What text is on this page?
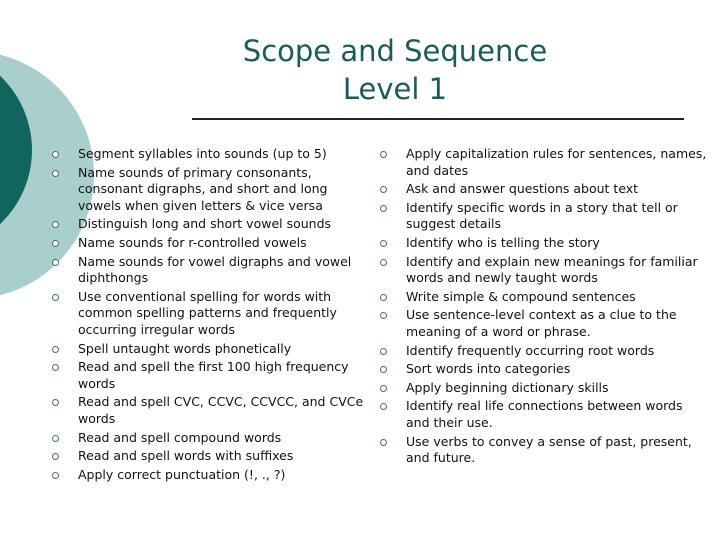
Scope and Sequence
Level 1
Segment syllables into sounds (up to 5)
Name sounds of primary consonants, consonant digraphs, and short and long vowels when given letters & vice versa
Distinguish long and short vowel sounds
Name sounds for r-controlled vowels
Name sounds for vowel digraphs and vowel diphthongs
Use conventional spelling for words with common spelling patterns and frequently occurring irregular words
Spell untaught words phonetically
Read and spell the first 100 high frequency words
Read and spell CVC, CCVC, CCVCC, and CVCe words
Read and spell compound words
Read and spell words with suffixes
Apply correct punctuation (!, ., ?)
Apply capitalization rules for sentences, names, and dates
Ask and answer questions about text
Identify specific words in a story that tell or suggest details
Identify who is telling the story
Identify and explain new meanings for familiar words and newly taught words
Write simple & compound sentences
Use sentence-level context as a clue to the meaning of a word or phrase.
Identify frequently occurring root words
Sort words into categories
Apply beginning dictionary skills
Identify real life connections between words and their use.
Use verbs to convey a sense of past, present, and future.
